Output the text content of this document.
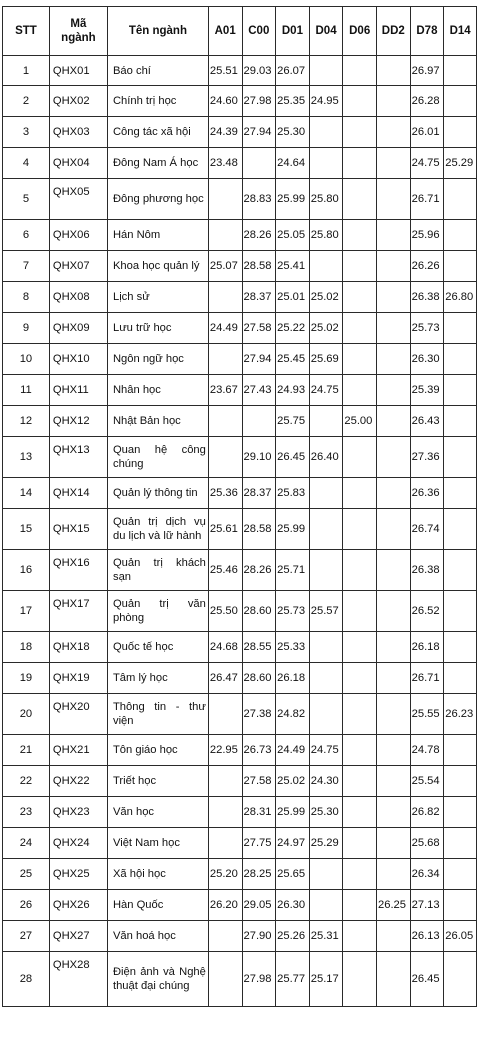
STT	Mã ngành	Tên ngành	A01	C00	D01	D04	D06	DD2	D78	D14
1	QHX01	Báo chí	25.51	29.03	26.07				26.97	
2	QHX02	Chính trị học	24.60	27.98	25.35	24.95			26.28	
3	QHX03	Công tác xã hội	24.39	27.94	25.30				26.01	
4	QHX04	Đông Nam Á học	23.48		24.64				24.75	25.29
5	QHX05	Đông phương học		28.83	25.99	25.80			26.71	
6	QHX06	Hán Nôm		28.26	25.05	25.80			25.96	
7	QHX07	Khoa học quản lý	25.07	28.58	25.41				26.26	
8	QHX08	Lịch sử		28.37	25.01	25.02			26.38	26.80
9	QHX09	Lưu trữ học	24.49	27.58	25.22	25.02			25.73	
10	QHX10	Ngôn ngữ học		27.94	25.45	25.69			26.30	
11	QHX11	Nhân học	23.67	27.43	24.93	24.75			25.39	
12	QHX12	Nhật Bản học			25.75		25.00		26.43	
13	QHX13	Quan hệ công chúng		29.10	26.45	26.40			27.36	
14	QHX14	Quản lý thông tin	25.36	28.37	25.83				26.36	
15	QHX15	Quản trị dịch vụ du lịch và lữ hành	25.61	28.58	25.99				26.74	
16	QHX16	Quản trị khách sạn	25.46	28.26	25.71				26.38	
17	QHX17	Quản trị văn phòng	25.50	28.60	25.73	25.57			26.52	
18	QHX18	Quốc tế học	24.68	28.55	25.33				26.18	
19	QHX19	Tâm lý học	26.47	28.60	26.18				26.71	
20	QHX20	Thông tin - thư viện		27.38	24.82				25.55	26.23
21	QHX21	Tôn giáo học	22.95	26.73	24.49	24.75			24.78	
22	QHX22	Triết học		27.58	25.02	24.30			25.54	
23	QHX23	Văn học		28.31	25.99	25.30			26.82	
24	QHX24	Việt Nam học		27.75	24.97	25.29			25.68	
25	QHX25	Xã hội học	25.20	28.25	25.65				26.34	
26	QHX26	Hàn Quốc	26.20	29.05	26.30			26.25	27.13	
27	QHX27	Văn hoá học		27.90	25.26	25.31			26.13	26.05
28	QHX28	Điện ảnh và Nghệ thuật đại chúng		27.98	25.77	25.17			26.45	
